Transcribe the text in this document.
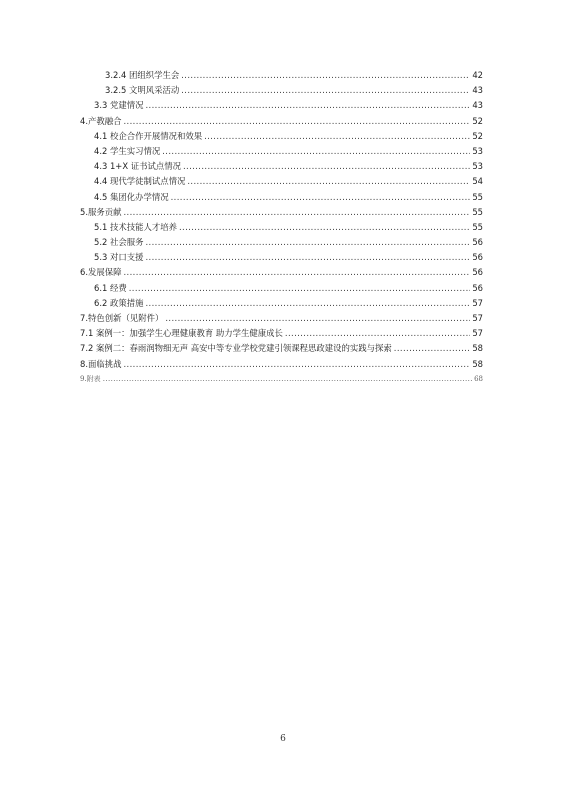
3.2.4 团组织学生会 .....	42
3.2.5 文明风采活动 .....	43
3.3 党建情况 .....	43
4.产教融合 .....	52
4.1 校企合作开展情况和效果 .....	52
4.2 学生实习情况 .....	53
4.3 1+X 证书试点情况 .....	53
4.4 现代学徒制试点情况 .....	54
4.5 集团化办学情况 .....	55
5.服务贡献 .....	55
5.1 技术技能人才培养 .....	55
5.2 社会服务 .....	56
5.3 对口支援 .....	56
6.发展保障 .....	56
6.1 经费 .....	56
6.2 政策措施 .....	57
7.特色创新（见附件） .....	57
7.1 案例一：加强学生心理健康教育 助力学生健康成长 .....	57
7.2 案例二：春雨润物细无声 高安中等专业学校党建引领课程思政建设的实践与探索 .....	58
8.面临挑战 .....	58
9.附表 .....	68
6
